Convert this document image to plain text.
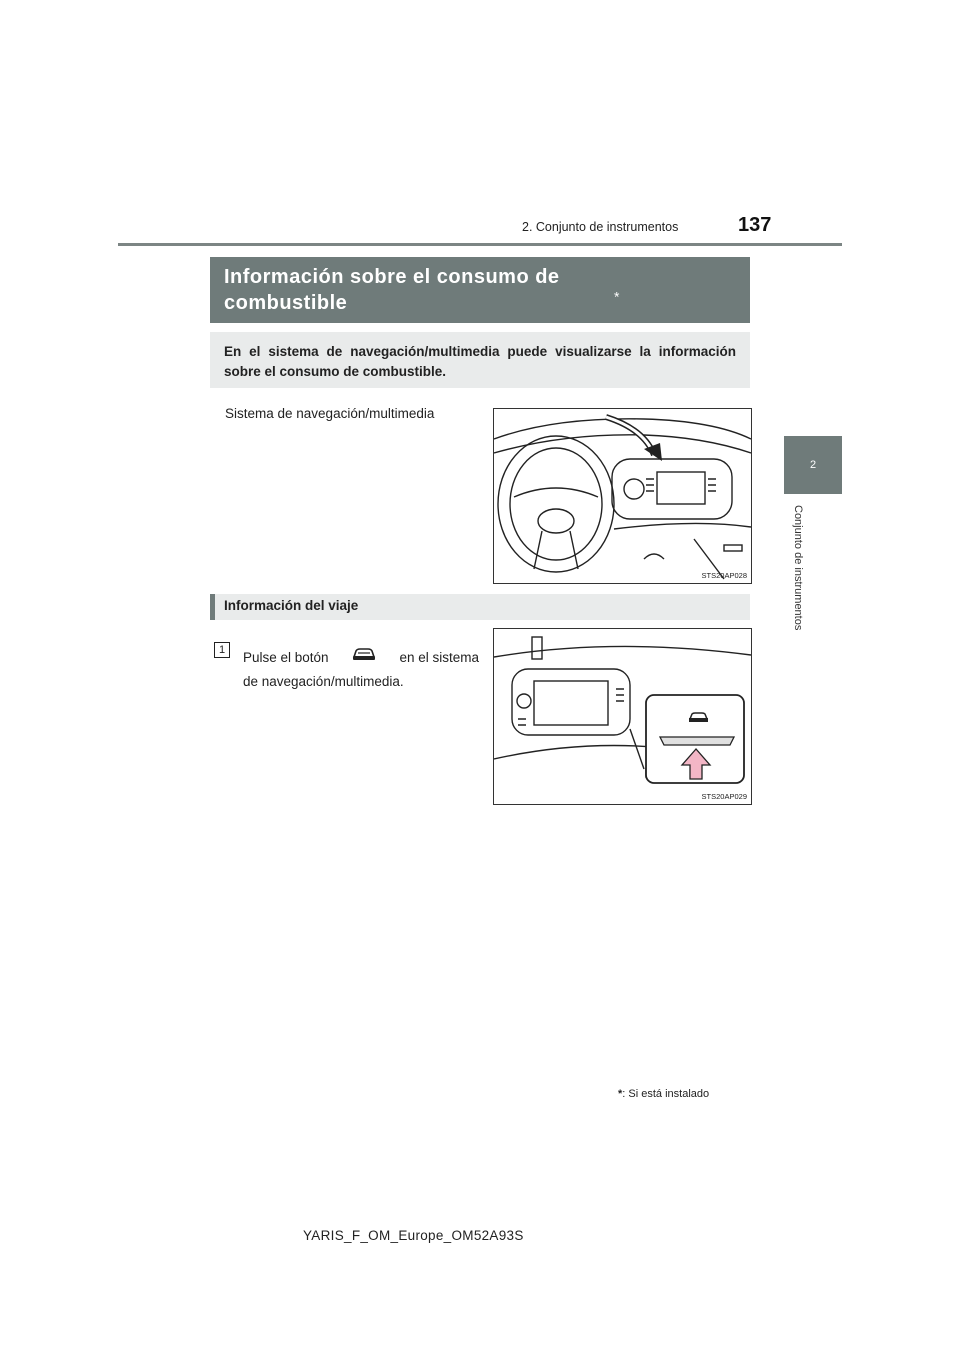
137
2. Conjunto de instrumentos
2
Conjunto de instrumentos
Información sobre el consumo de combustible	*

En el sistema de navegación/multimedia puede visualizarse la información sobre el consumo de combustible.

Sistema de navegación/multimedia
STS20AP028
Información del viaje
1	Pulse el botón	en el sistema
de navegación/multimedia.
STS20AP029
*: Si está instalado
YARIS_F_OM_Europe_OM52A93S
